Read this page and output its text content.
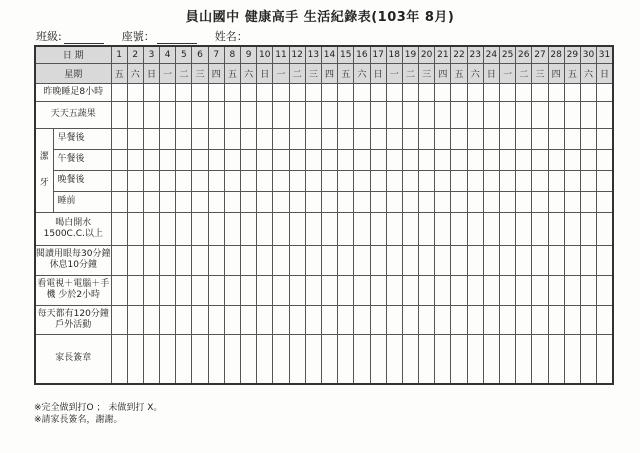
員山國中 健康高手 生活紀錄表(103年 8月)
班級:	座號：	姓名：
日 期		1	2	3	4	5	6	7	8	9	10	11	12	13	14	15	16	17	18	19	20	21	22	23	24	25	26	27	28	29	30	31
星期		五	六	日	一	二	三	四	五	六	日	一	二	三	四	五	六	日	一	二	三	四	五	六	日	一	二	三	四	五	六	日
昨晚睡足8小時																																
天天五蔬果																																

潔
牙	早餐後																															
	午餐後																															
	晚餐後																															
	睡前																															
喝白開水1500C.C.以上																																
閱讀用眼每30分鐘休息10分鐘																																
看電視＋電腦＋手機 少於2小時																																
每天都有120分鐘戶外活動																																
家長簽章																																
※完全做到打O ； 未做到打 X。
※請家長簽名，謝謝。
